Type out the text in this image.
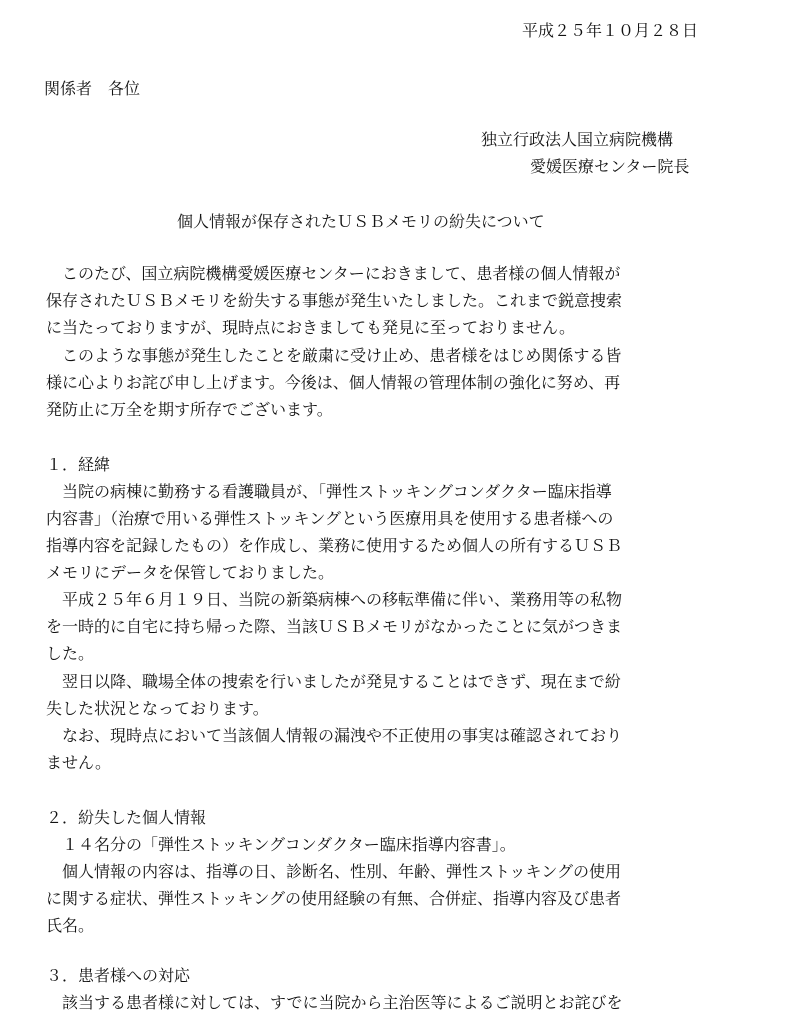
平成２５年１０月２８日
関係者　各位
独立行政法人国立病院機構
愛媛医療センター院長
個人情報が保存されたＵＳＢメモリの紛失について
　このたび、国立病院機構愛媛医療センターにおきまして、患者様の個人情報が
保存されたＵＳＢメモリを紛失する事態が発生いたしました。これまで鋭意捜索
に当たっておりますが、現時点におきましても発見に至っておりません。
　このような事態が発生したことを厳粛に受け止め、患者様をはじめ関係する皆
様に心よりお詫び申し上げます。今後は、個人情報の管理体制の強化に努め、再
発防止に万全を期す所存でございます。
１．経緯
　当院の病棟に勤務する看護職員が、「弾性ストッキングコンダクター臨床指導
内容書」（治療で用いる弾性ストッキングという医療用具を使用する患者様への
指導内容を記録したもの）を作成し、業務に使用するため個人の所有するＵＳＢ
メモリにデータを保管しておりました。
　平成２５年６月１９日、当院の新築病棟への移転準備に伴い、業務用等の私物
を一時的に自宅に持ち帰った際、当該ＵＳＢメモリがなかったことに気がつきま
した。
　翌日以降、職場全体の捜索を行いましたが発見することはできず、現在まで紛
失した状況となっております。
　なお、現時点において当該個人情報の漏洩や不正使用の事実は確認されており
ません。
２．紛失した個人情報
　１４名分の「弾性ストッキングコンダクター臨床指導内容書」。
　個人情報の内容は、指導の日、診断名、性別、年齢、弾性ストッキングの使用
に関する症状、弾性ストッキングの使用経験の有無、合併症、指導内容及び患者
氏名。
３．患者様への対応
　該当する患者様に対しては、すでに当院から主治医等によるご説明とお詫びを
